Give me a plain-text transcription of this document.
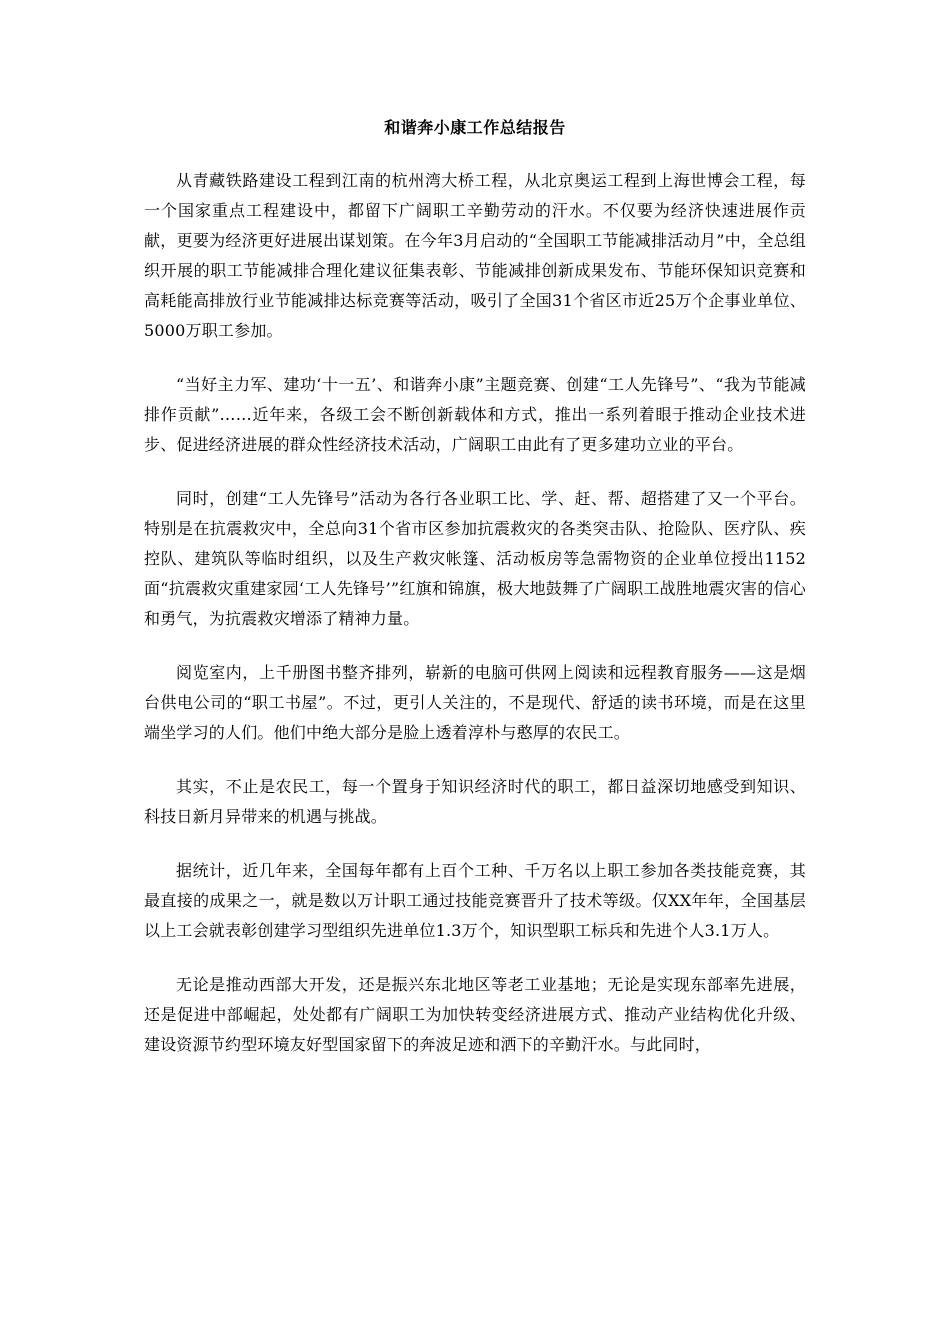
和谐奔小康工作总结报告

从青藏铁路建设工程到江南的杭州湾大桥工程，从北京奥运工程到上海世博会工程，每一个国家重点工程建设中，都留下广阔职工辛勤劳动的汗水。不仅要为经济快速进展作贡献，更要为经济更好进展出谋划策。在今年3月启动的“全国职工节能减排活动月”中，全总组织开展的职工节能减排合理化建议征集表彰、节能减排创新成果发布、节能环保知识竞赛和高耗能高排放行业节能减排达标竞赛等活动，吸引了全国31个省区市近25万个企事业单位、5000万职工参加。

“当好主力军、建功‘十一五’、和谐奔小康”主题竞赛、创建“工人先锋号”、“我为节能减排作贡献”……近年来，各级工会不断创新载体和方式，推出一系列着眼于推动企业技术进步、促进经济进展的群众性经济技术活动，广阔职工由此有了更多建功立业的平台。

同时，创建“工人先锋号”活动为各行各业职工比、学、赶、帮、超搭建了又一个平台。特别是在抗震救灾中，全总向31个省市区参加抗震救灾的各类突击队、抢险队、医疗队、疾控队、建筑队等临时组织，以及生产救灾帐篷、活动板房等急需物资的企业单位授出1152面“抗震救灾重建家园‘工人先锋号’”红旗和锦旗，极大地鼓舞了广阔职工战胜地震灾害的信心和勇气，为抗震救灾增添了精神力量。

阅览室内，上千册图书整齐排列，崭新的电脑可供网上阅读和远程教育服务——这是烟台供电公司的“职工书屋”。不过，更引人关注的，不是现代、舒适的读书环境，而是在这里端坐学习的人们。他们中绝大部分是脸上透着淳朴与憨厚的农民工。

其实，不止是农民工，每一个置身于知识经济时代的职工，都日益深切地感受到知识、科技日新月异带来的机遇与挑战。

据统计，近几年来，全国每年都有上百个工种、千万名以上职工参加各类技能竞赛，其最直接的成果之一，就是数以万计职工通过技能竞赛晋升了技术等级。仅XX年年，全国基层以上工会就表彰创建学习型组织先进单位1.3万个，知识型职工标兵和先进个人3.1万人。

无论是推动西部大开发，还是振兴东北地区等老工业基地；无论是实现东部率先进展，还是促进中部崛起，处处都有广阔职工为加快转变经济进展方式、推动产业结构优化升级、建设资源节约型环境友好型国家留下的奔波足迹和洒下的辛勤汗水。与此同时，
